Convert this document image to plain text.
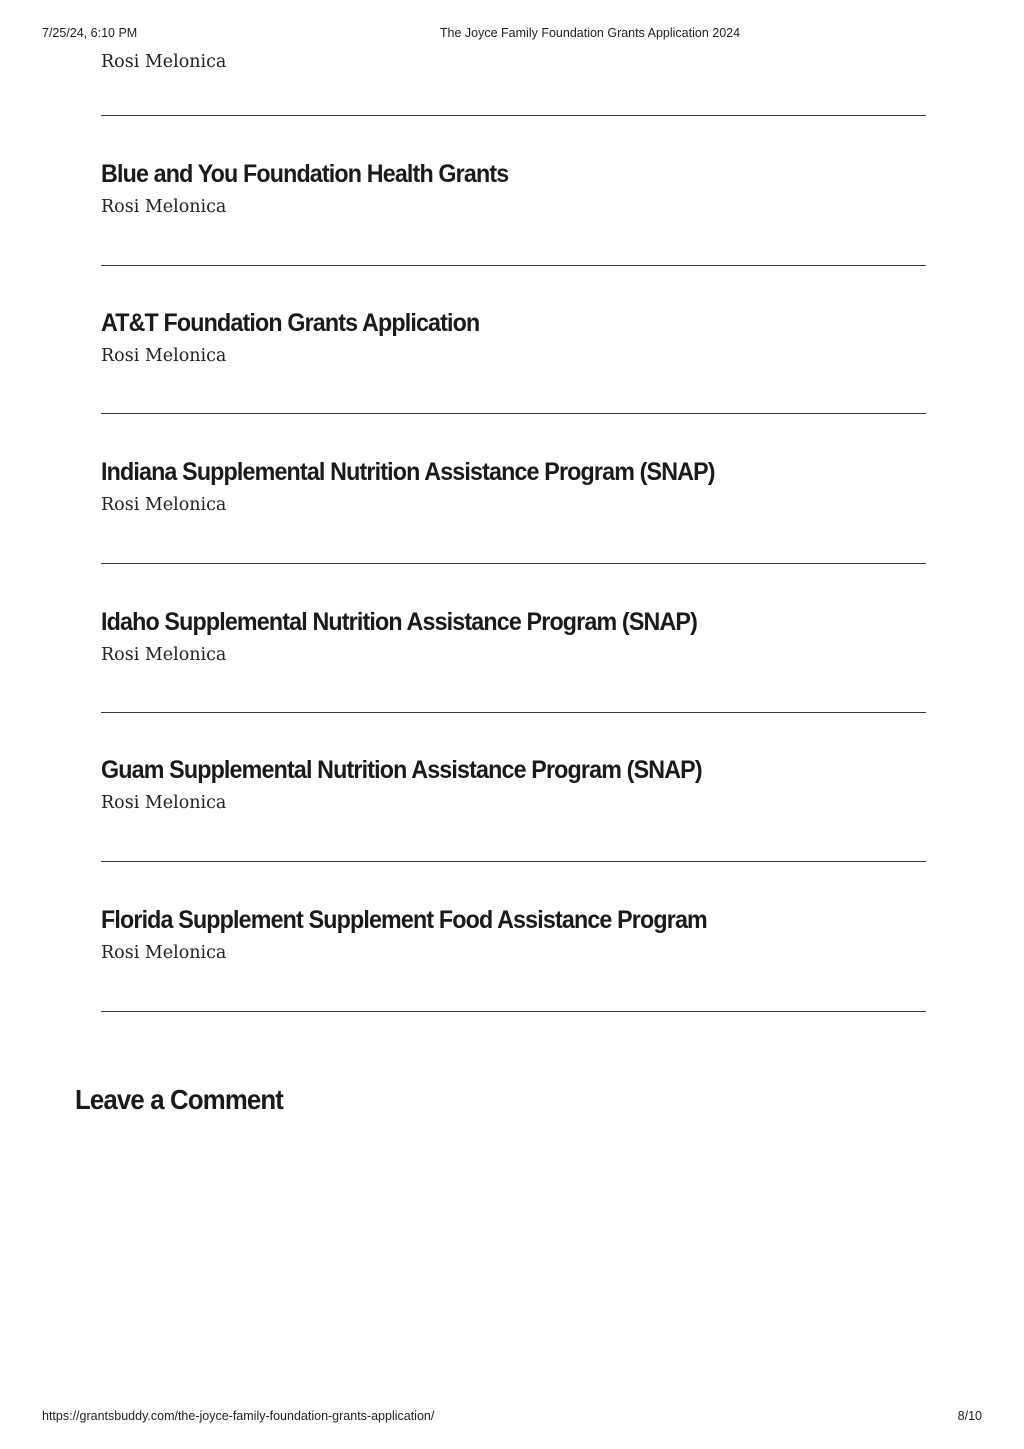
7/25/24, 6:10 PM	The Joyce Family Foundation Grants Application 2024
Rosi Melonica
Blue and You Foundation Health Grants
Rosi Melonica
AT&T Foundation Grants Application
Rosi Melonica
Indiana Supplemental Nutrition Assistance Program (SNAP)
Rosi Melonica
Idaho Supplemental Nutrition Assistance Program (SNAP)
Rosi Melonica
Guam Supplemental Nutrition Assistance Program (SNAP)
Rosi Melonica
Florida Supplement Supplement Food Assistance Program
Rosi Melonica
Leave a Comment
https://grantsbuddy.com/the-joyce-family-foundation-grants-application/	8/10
